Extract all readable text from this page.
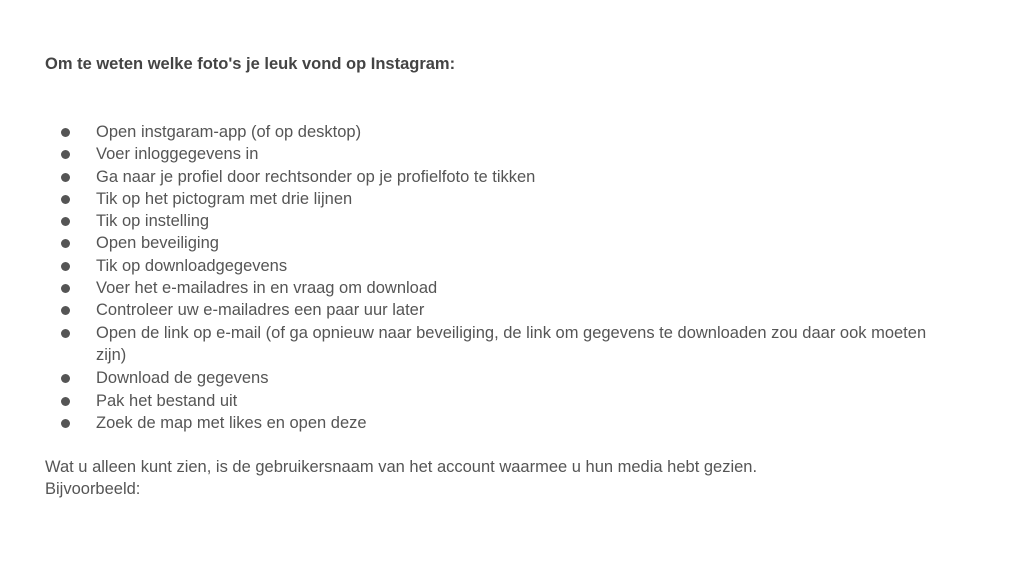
Om te weten welke foto's je leuk vond op Instagram:
Open instgaram-app (of op desktop)
Voer inloggegevens in
Ga naar je profiel door rechtsonder op je profielfoto te tikken
Tik op het pictogram met drie lijnen
Tik op instelling
Open beveiliging
Tik op downloadgegevens
Voer het e-mailadres in en vraag om download
Controleer uw e-mailadres een paar uur later
Open de link op e-mail (of ga opnieuw naar beveiliging, de link om gegevens te downloaden zou daar ook moeten zijn)
Download de gegevens
Pak het bestand uit
Zoek de map met likes en open deze
Wat u alleen kunt zien, is de gebruikersnaam van het account waarmee u hun media hebt gezien.
Bijvoorbeeld:
